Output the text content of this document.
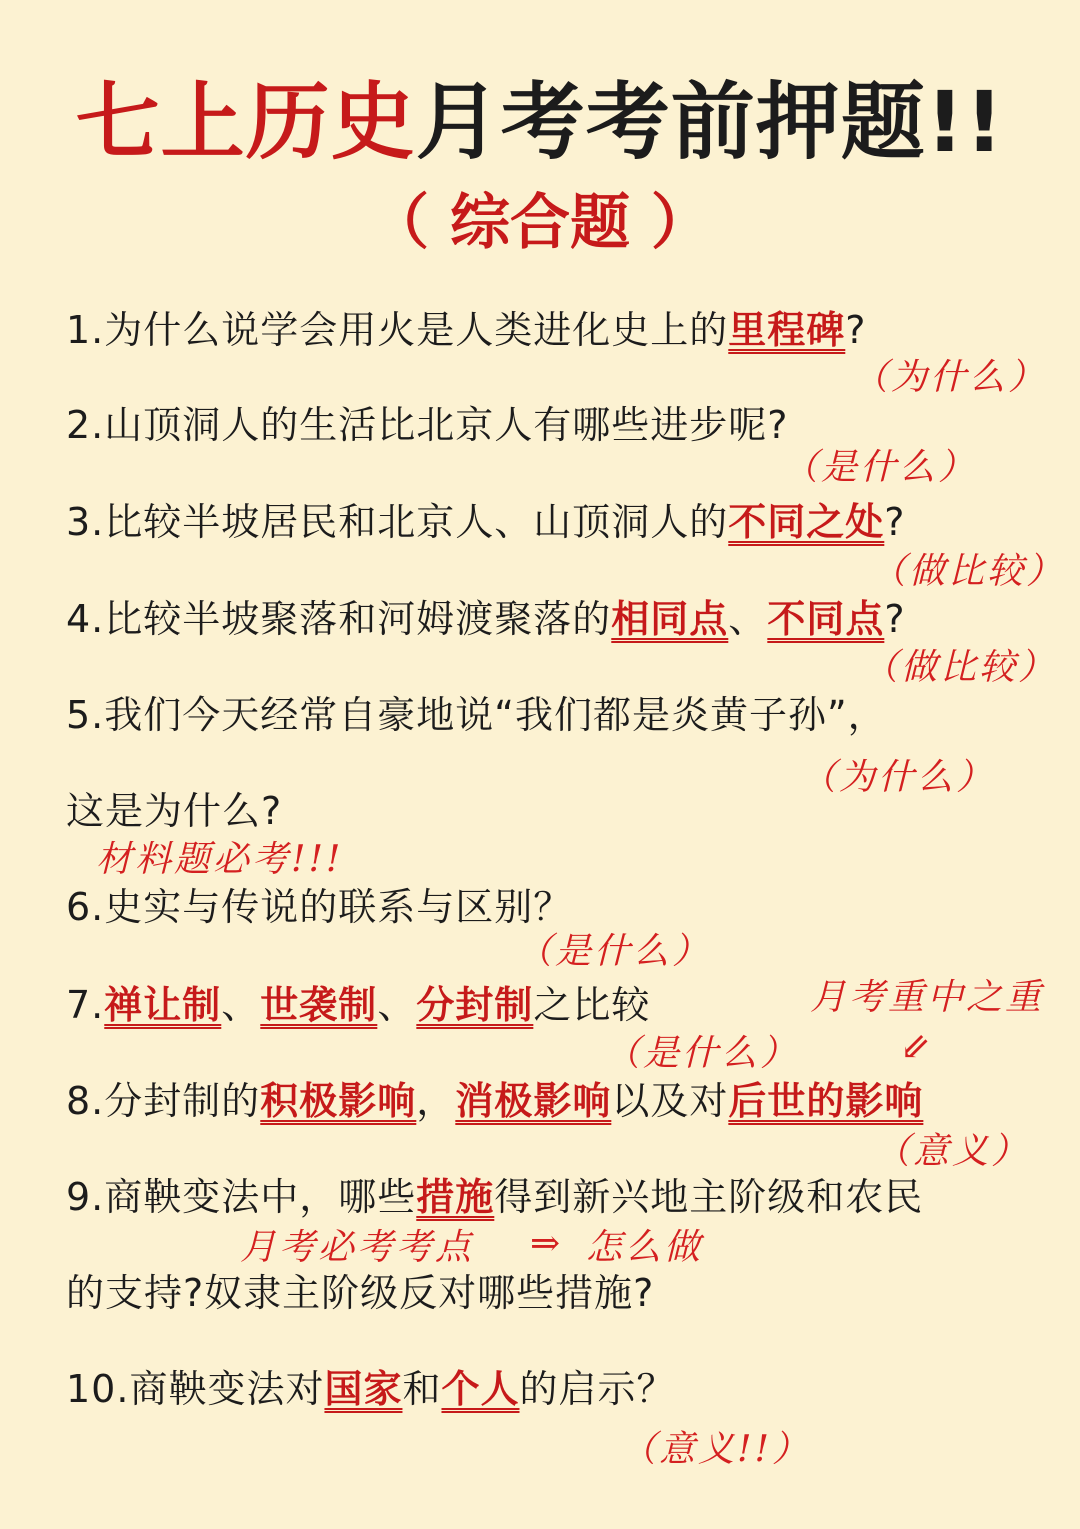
七上历史月考考前押题!!
（ 综合题 ）
1.为什么说学会用火是人类进化史上的里程碑?
（为什么）
2.山顶洞人的生活比北京人有哪些进步呢?
（是什么）
3.比较半坡居民和北京人、山顶洞人的不同之处?
（做比较）
4.比较半坡聚落和河姆渡聚落的相同点、不同点?
（做比较）
5.我们今天经常自豪地说“我们都是炎黄子孙”，
（为什么）
这是为什么?
材料题必考!!!
6.史实与传说的联系与区别？
（是什么）
7.禅让制、世袭制、分封制之比较	月考重中之重
（是什么）	⇙
8.分封制的积极影响，消极影响以及对后世的影响
（意义）
9.商鞅变法中，哪些措施得到新兴地主阶级和农民
月考必考考点 ⇒ 怎么做
的支持?奴隶主阶级反对哪些措施?
10.商鞅变法对国家和个人的启示？
（意义!!）
